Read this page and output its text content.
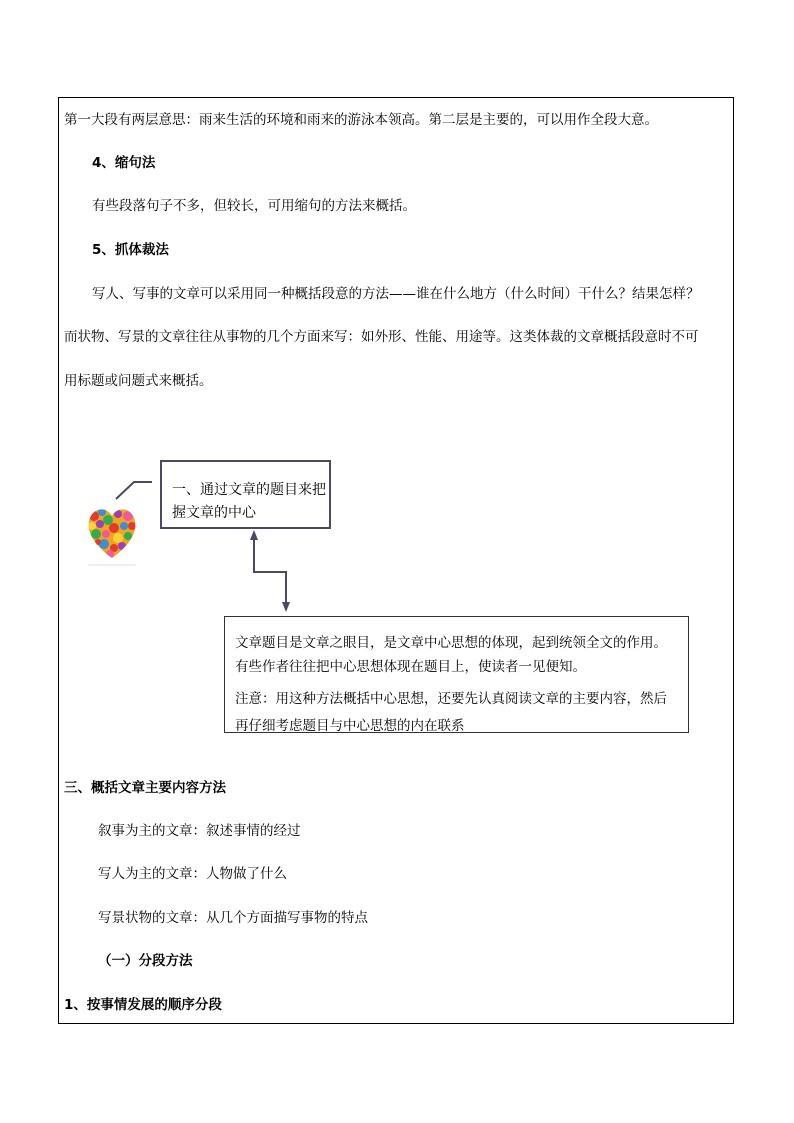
第一大段有两层意思：雨来生活的环境和雨来的游泳本领高。第二层是主要的，可以用作全段大意。
4、缩句法
有些段落句子不多，但较长，可用缩句的方法来概括。
5、抓体裁法
写人、写事的文章可以采用同一种概括段意的方法——谁在什么地方（什么时间）干什么？结果怎样？
而状物、写景的文章往往从事物的几个方面来写：如外形、性能、用途等。这类体裁的文章概括段意时不可
用标题或问题式来概括。
一、通过文章的题目来把
握文章的中心
文章题目是文章之眼目，是文章中心思想的体现，起到统领全文的作用。
有些作者往往把中心思想体现在题目上，使读者一见便知。
注意：用这种方法概括中心思想，还要先认真阅读文章的主要内容，然后
再仔细考虑题目与中心思想的内在联系
三、概括文章主要内容方法
叙事为主的文章：叙述事情的经过
写人为主的文章：人物做了什么
写景状物的文章：从几个方面描写事物的特点
（一）分段方法
1、按事情发展的顺序分段
